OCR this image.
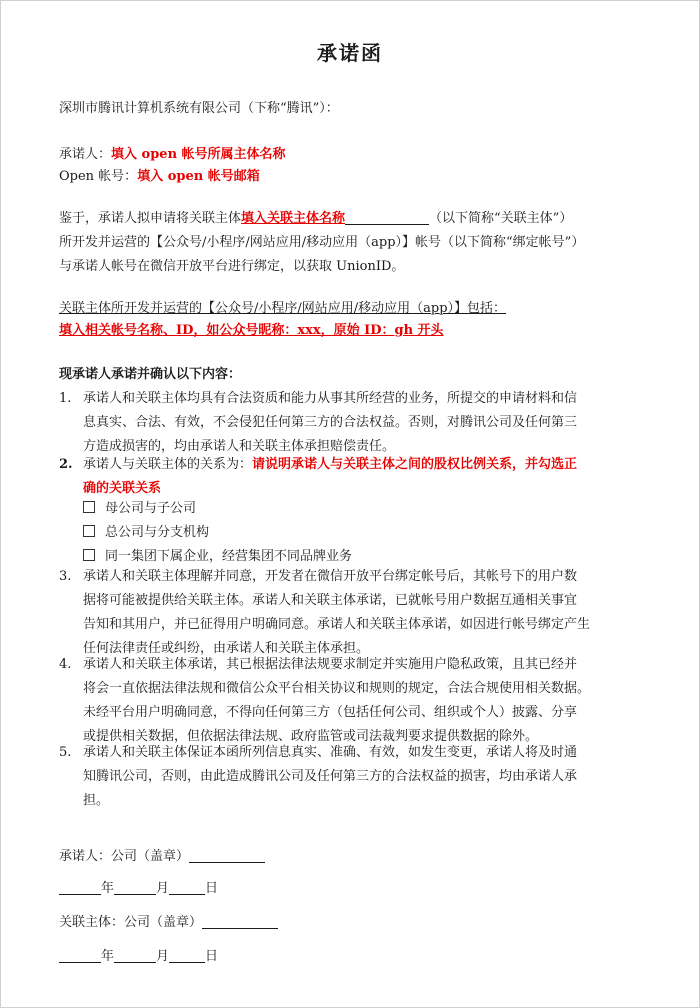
承诺函
深圳市腾讯计算机系统有限公司（下称“腾讯”）：
承诺人：填入 open 帐号所属主体名称
Open 帐号：填入 open 帐号邮箱
鉴于，承诺人拟申请将关联主体填入关联主体名称	（以下简称“关联主体”）
所开发并运营的【公众号/小程序/网站应用/移动应用（app）】帐号（以下简称“绑定帐号”）
与承诺人帐号在微信开放平台进行绑定，以获取 UnionID。
关联主体所开发并运营的【公众号/小程序/网站应用/移动应用（app）】包括：
填入相关帐号名称、ID，如公众号昵称：xxx，原始 ID：gh 开头
现承诺人承诺并确认以下内容：
1. 承诺人和关联主体均具有合法资质和能力从事其所经营的业务，所提交的申请材料和信
息真实、合法、有效，不会侵犯任何第三方的合法权益。否则，对腾讯公司及任何第三
方造成损害的，均由承诺人和关联主体承担赔偿责任。
2. 承诺人与关联主体的关系为：请说明承诺人与关联主体之间的股权比例关系，并勾选正
确的关联关系
母公司与子公司
总公司与分支机构
同一集团下属企业，经营集团不同品牌业务
3. 承诺人和关联主体理解并同意，开发者在微信开放平台绑定帐号后，其帐号下的用户数
据将可能被提供给关联主体。承诺人和关联主体承诺，已就帐号用户数据互通相关事宜
告知和其用户，并已征得用户明确同意。承诺人和关联主体承诺，如因进行帐号绑定产生
任何法律责任或纠纷，由承诺人和关联主体承担。
4. 承诺人和关联主体承诺，其已根据法律法规要求制定并实施用户隐私政策，且其已经并
将会一直依据法律法规和微信公众平台相关协议和规则的规定，合法合规使用相关数据。
未经平台用户明确同意，不得向任何第三方（包括任何公司、组织或个人）披露、分享
或提供相关数据，但依据法律法规、政府监管或司法裁判要求提供数据的除外。
5. 承诺人和关联主体保证本函所列信息真实、准确、有效，如发生变更，承诺人将及时通
知腾讯公司，否则，由此造成腾讯公司及任何第三方的合法权益的损害，均由承诺人承
担。
承诺人：公司（盖章）
年	月	日
关联主体：公司（盖章）
年	月	日
